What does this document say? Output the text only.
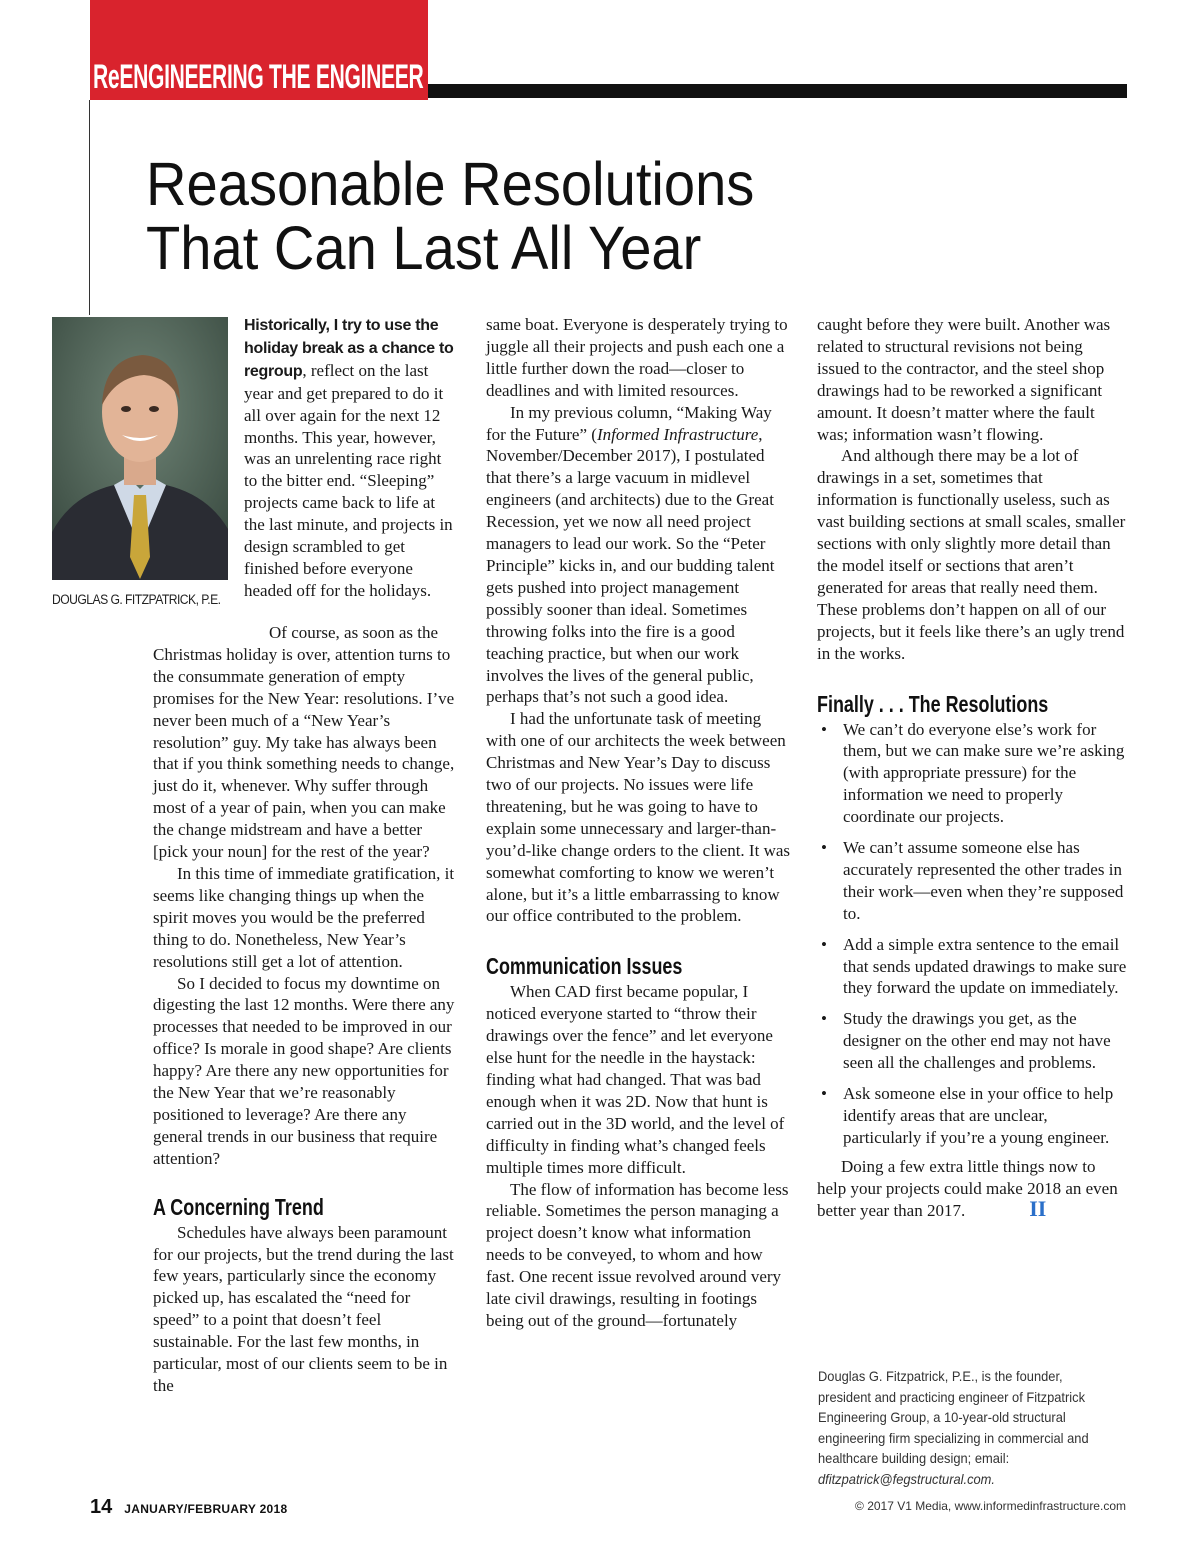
ReENGINEERING THE ENGINEER
Reasonable Resolutions
That Can Last All Year
DOUGLAS G. FITZPATRICK, P.E.

Historically, I try to use the holiday break as a chance to regroup, reflect on the last year and get prepared to do it all over again for the next 12 months. This year, however, was an unrelenting race right to the bitter end. “Sleeping” projects came back to life at the last minute, and projects in design scrambled to get finished before everyone headed off for the holidays.

Of course, as soon as the Christmas holiday is over, attention turns to the consummate generation of empty promises for the New Year: resolutions. I’ve never been much of a “New Year’s resolution” guy. My take has always been that if you think something needs to change, just do it, whenever. Why suffer through most of a year of pain, when you can make the change midstream and have a better [pick your noun] for the rest of the year?

In this time of immediate gratification, it seems like changing things up when the spirit moves you would be the preferred thing to do. Nonetheless, New Year’s resolutions still get a lot of attention.

So I decided to focus my downtime on digesting the last 12 months. Were there any processes that needed to be improved in our office? Is morale in good shape? Are clients happy? Are there any new opportunities for the New Year that we’re reasonably positioned to leverage? Are there any general trends in our business that require attention?

A Concerning Trend

Schedules have always been paramount for our projects, but the trend during the last few years, particularly since the economy picked up, has escalated the “need for speed” to a point that doesn’t feel sustainable. For the last few months, in particular, most of our clients seem to be in the

same boat. Everyone is desperately trying to juggle all their projects and push each one a little further down the road—closer to deadlines and with limited resources.

In my previous column, “Making Way for the Future” (Informed Infrastructure, November/December 2017), I postulated that there’s a large vacuum in midlevel engineers (and architects) due to the Great Recession, yet we now all need project managers to lead our work. So the “Peter Principle” kicks in, and our budding talent gets pushed into project management possibly sooner than ideal. Sometimes throwing folks into the fire is a good teaching practice, but when our work involves the lives of the general public, perhaps that’s not such a good idea.

I had the unfortunate task of meeting with one of our architects the week between Christmas and New Year’s Day to discuss two of our projects. No issues were life threatening, but he was going to have to explain some unnecessary and larger-than-you’d-like change orders to the client. It was somewhat comforting to know we weren’t alone, but it’s a little embarrassing to know our office contributed to the problem.

Communication Issues

When CAD first became popular, I noticed everyone started to “throw their drawings over the fence” and let everyone else hunt for the needle in the haystack: finding what had changed. That was bad enough when it was 2D. Now that hunt is carried out in the 3D world, and the level of difficulty in finding what’s changed feels multiple times more difficult.

The flow of information has become less reliable. Sometimes the person managing a project doesn’t know what information needs to be conveyed, to whom and how fast. One recent issue revolved around very late civil drawings, resulting in footings being out of the ground—fortunately

caught before they were built. Another was related to structural revisions not being issued to the contractor, and the steel shop drawings had to be reworked a significant amount. It doesn’t matter where the fault was; information wasn’t flowing.

And although there may be a lot of drawings in a set, sometimes that information is functionally useless, such as vast building sections at small scales, smaller sections with only slightly more detail than the model itself or sections that aren’t generated for areas that really need them. These problems don’t happen on all of our projects, but it feels like there’s an ugly trend in the works.

Finally . . . The Resolutions
• We can’t do everyone else’s work for them, but we can make sure we’re asking (with appropriate pressure) for the information we need to properly coordinate our projects.
• We can’t assume someone else has accurately represented the other trades in their work—even when they’re supposed to.
• Add a simple extra sentence to the email that sends updated drawings to make sure they forward the update on immediately.
• Study the drawings you get, as the designer on the other end may not have seen all the challenges and problems.
• Ask someone else in your office to help identify areas that are unclear, particularly if you’re a young engineer.

Doing a few extra little things now to help your projects could make 2018 an even better year than 2017.	II

Douglas G. Fitzpatrick, P.E., is the founder, president and practicing engineer of Fitzpatrick Engineering Group, a 10-year-old structural engineering firm specializing in commercial and healthcare building design; email: dfitzpatrick@fegstructural.com.
14 JANUARY/FEBRUARY 2018	© 2017 V1 Media, www.informedinfrastructure.com
